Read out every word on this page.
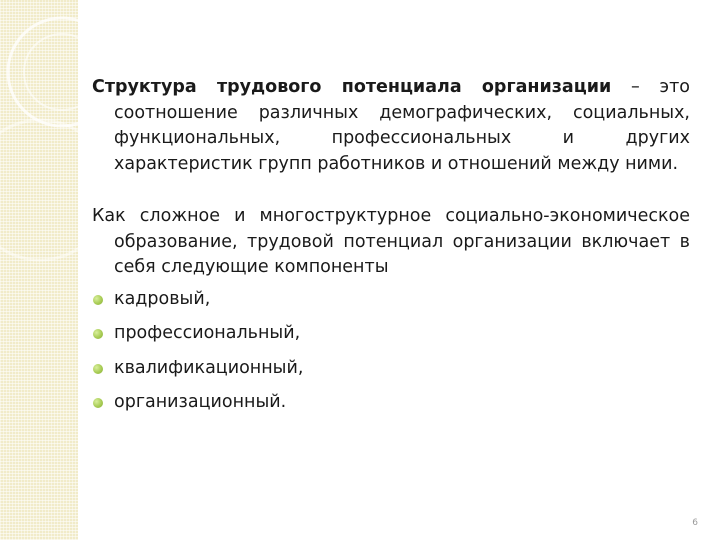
Структура трудового потенциала организации – это соотношение различных демографических, социальных, функциональных, профессиональных и других характеристик групп работников и отношений между ними.

Как сложное и многоструктурное социально-экономическое образование, трудовой потенциал организации включает в себя следующие компоненты

кадровый,
профессиональный,
квалификационный,
организационный.
6
